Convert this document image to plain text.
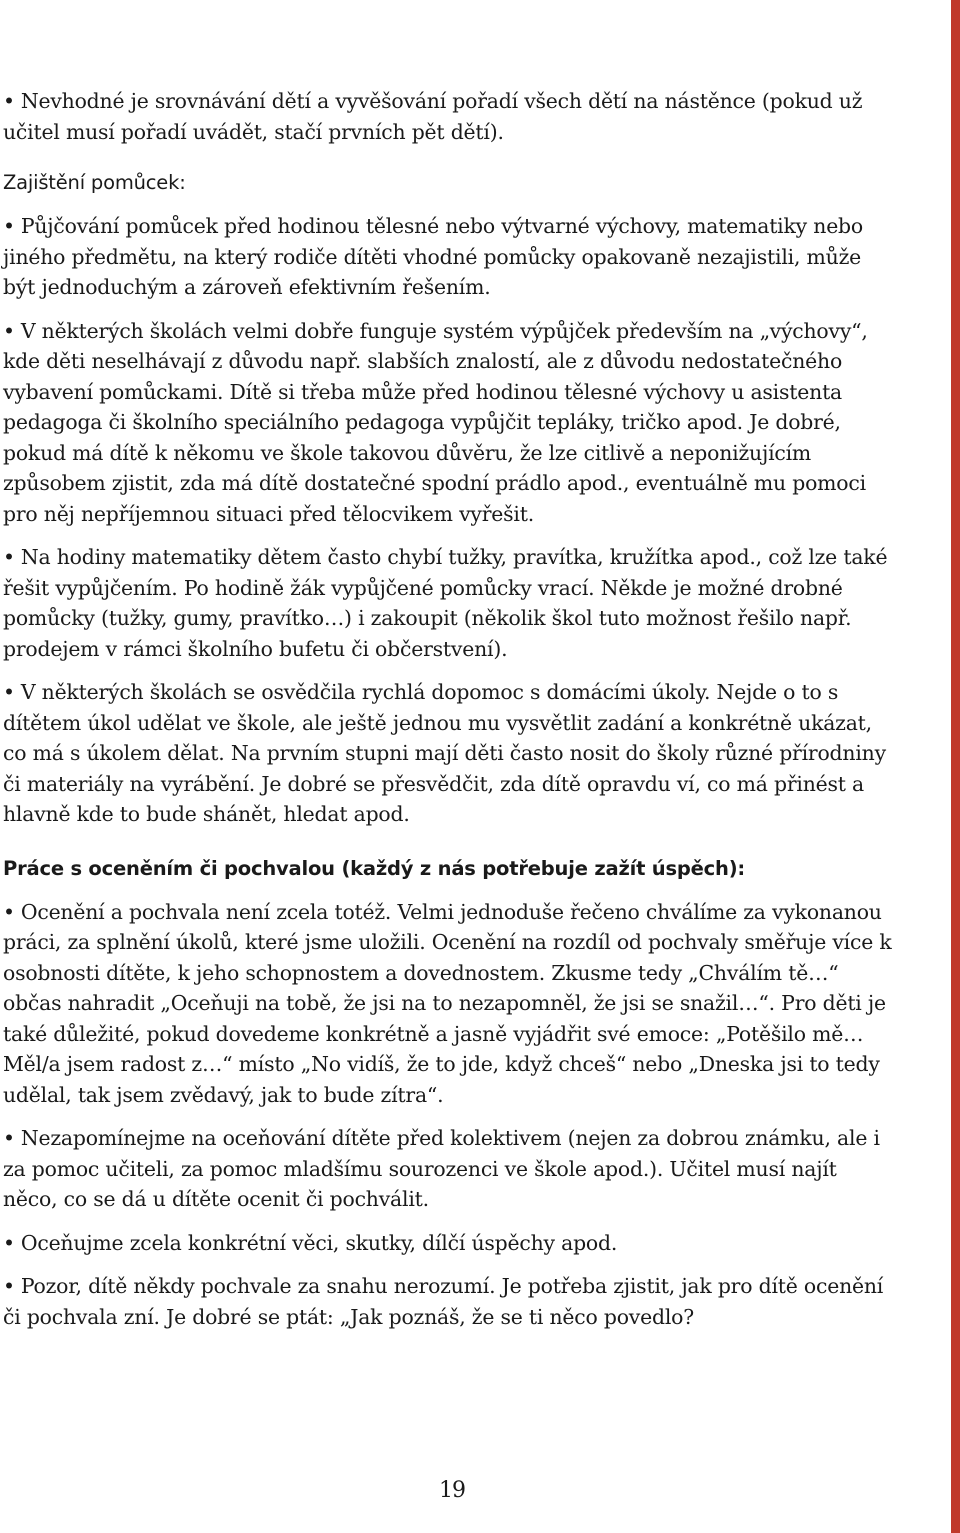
• Nevhodné je srovnávání dětí a vyvěšování pořadí všech dětí na nástěnce (pokud už učitel musí pořadí uvádět, stačí prvních pět dětí).

Zajištění pomůcek:

• Půjčování pomůcek před hodinou tělesné nebo výtvarné výchovy, matematiky nebo jiného předmětu, na který rodiče dítěti vhodné pomůcky opakovaně nezajistili, může být jednoduchým a zároveň efektivním řešením.

• V některých školách velmi dobře funguje systém výpůjček především na „výchovy“, kde děti neselhávají z důvodu např. slabších znalostí, ale z důvodu nedostatečného vybavení pomůckami. Dítě si třeba může před hodinou tělesné výchovy u asistenta pedagoga či školního speciálního pedagoga vypůjčit tepláky, tričko apod. Je dobré, pokud má dítě k někomu ve škole takovou důvěru, že lze citlivě a neponižujícím způsobem zjistit, zda má dítě dostatečné spodní prádlo apod., eventuálně mu pomoci pro něj nepříjemnou situaci před tělocvikem vyřešit.

• Na hodiny matematiky dětem často chybí tužky, pravítka, kružítka apod., což lze také řešit vypůjčením. Po hodině žák vypůjčené pomůcky vrací. Někde je možné drobné pomůcky (tužky, gumy, pravítko…) i zakoupit (několik škol tuto možnost řešilo např. prodejem v rámci školního bufetu či občerstvení).

• V některých školách se osvědčila rychlá dopomoc s domácími úkoly. Nejde o to s dítětem úkol udělat ve škole, ale ještě jednou mu vysvětlit zadání a konkrétně ukázat, co má s úkolem dělat. Na prvním stupni mají děti často nosit do školy různé přírodniny či materiály na vyrábění. Je dobré se přesvědčit, zda dítě opravdu ví, co má přinést a hlavně kde to bude shánět, hledat apod.

Práce s oceněním či pochvalou (každý z nás potřebuje zažít úspěch):

• Ocenění a pochvala není zcela totéž. Velmi jednoduše řečeno chválíme za vykonanou práci, za splnění úkolů, které jsme uložili. Ocenění na rozdíl od pochvaly směřuje více k osobnosti dítěte, k jeho schopnostem a dovednostem. Zkusme tedy „Chválím tě…“ občas nahradit „Oceňuji na tobě, že jsi na to nezapomněl, že jsi se snažil…“. Pro děti je také důležité, pokud dovedeme konkrétně a jasně vyjádřit své emoce: „Potěšilo mě… Měl/a jsem radost z…“ místo „No vidíš, že to jde, když chceš“ nebo „Dneska jsi to tedy udělal, tak jsem zvědavý, jak to bude zítra“.

• Nezapomínejme na oceňování dítěte před kolektivem (nejen za dobrou známku, ale i za pomoc učiteli, za pomoc mladšímu sourozenci ve škole apod.). Učitel musí najít něco, co se dá u dítěte ocenit či pochválit.

• Oceňujme zcela konkrétní věci, skutky, dílčí úspěchy apod.

• Pozor, dítě někdy pochvale za snahu nerozumí. Je potřeba zjistit, jak pro dítě ocenění či pochvala zní. Je dobré se ptát: „Jak poznáš, že se ti něco povedlo?

19
